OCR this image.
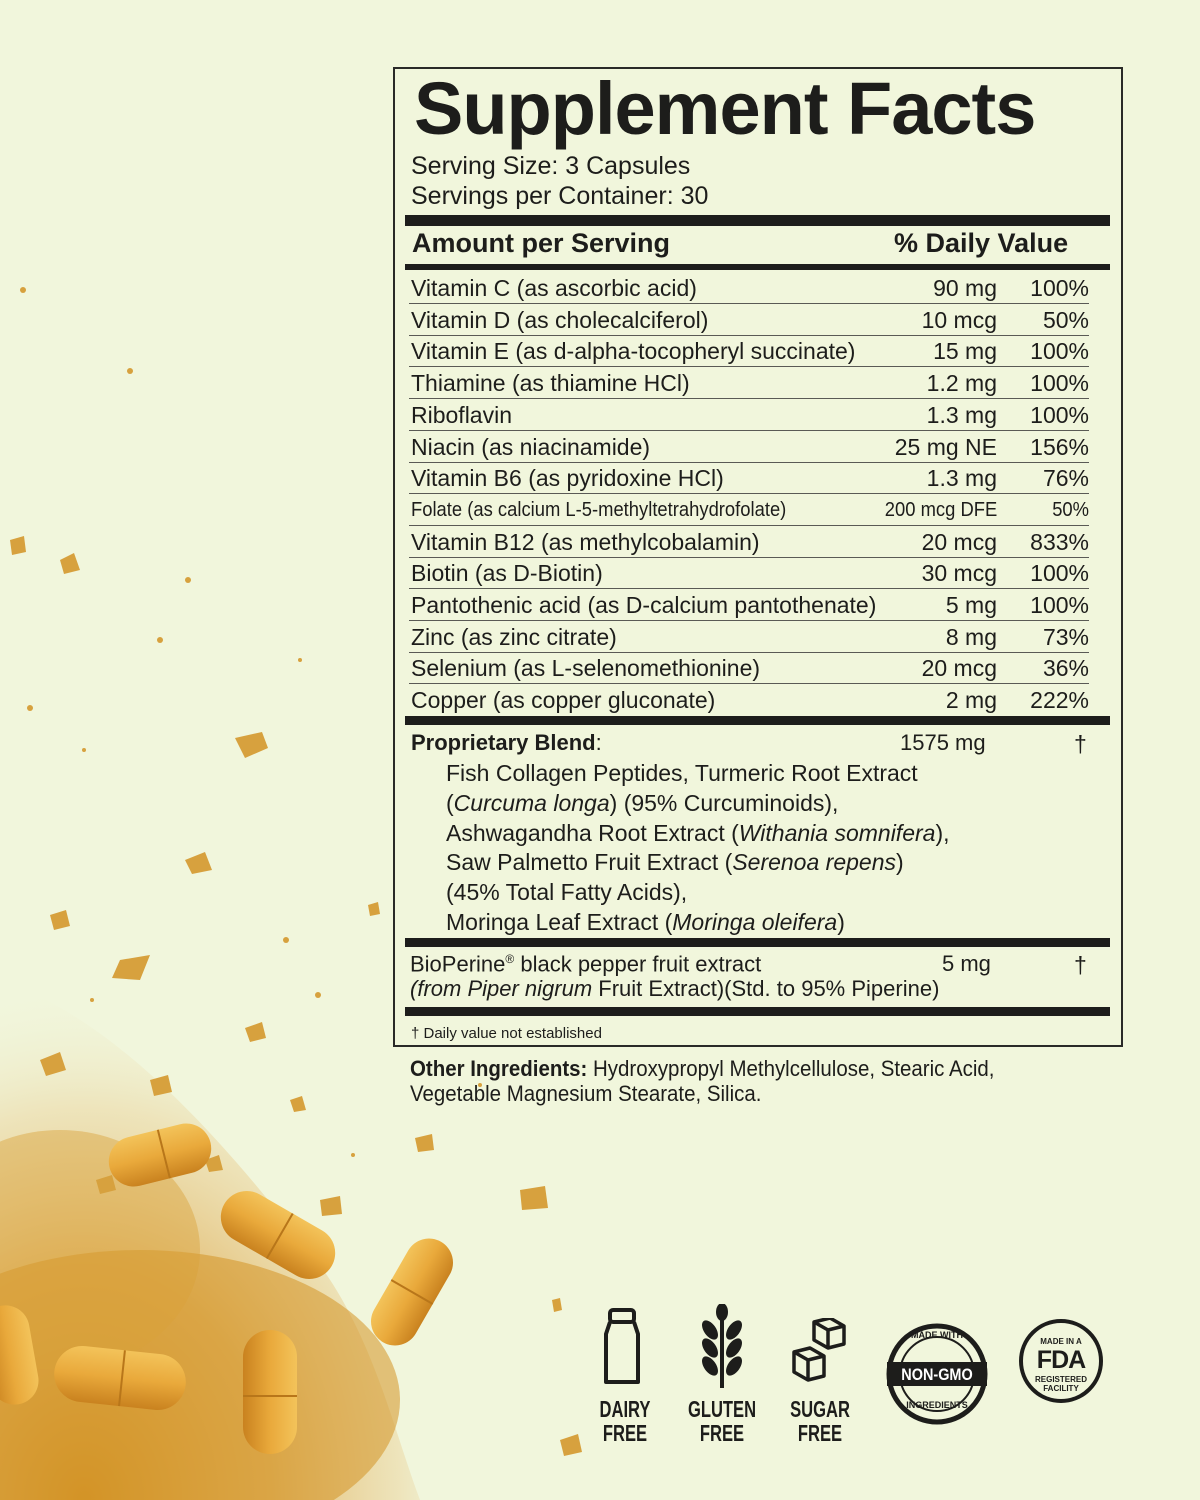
Supplement Facts
Serving Size: 3 Capsules
Servings per Container: 30
Amount per Serving	% Daily Value
Vitamin C (as ascorbic acid)	90 mg 100%
Vitamin D (as cholecalciferol)	10 mcg 50%
Vitamin E (as d-alpha-tocopheryl succinate)	15 mg 100%
Thiamine (as thiamine HCl)	1.2 mg 100%
Riboflavin	1.3 mg 100%
Niacin (as niacinamide)	25 mg NE 156%
Vitamin B6 (as pyridoxine HCl)	1.3 mg 76%
Folate (as calcium L-5-methyltetrahydrofolate)	200 mcg DFE	50%
Vitamin B12 (as methylcobalamin)	20 mcg 833%
Biotin (as D-Biotin)	30 mcg 100%
Pantothenic acid (as D-calcium pantothenate)	5 mg 100%
Zinc (as zinc citrate)	8 mg 73%
Selenium (as L-selenomethionine)	20 mcg 36%
Copper (as copper gluconate)	2 mg 222%
Proprietary Blend:	1575 mg	†
Fish Collagen Peptides, Turmeric Root Extract
(Curcuma longa) (95% Curcuminoids),
Ashwagandha Root Extract (Withania somnifera),
Saw Palmetto Fruit Extract (Serenoa repens)
(45% Total Fatty Acids),
Moringa Leaf Extract (Moringa oleifera)
BioPerine® black pepper fruit extract	5 mg	†
(from Piper nigrum Fruit Extract)(Std. to 95% Piperine)
† Daily value not established
Other Ingredients: Hydroxypropyl Methylcellulose, Stearic Acid,
Vegetable Magnesium Stearate, Silica.
DAIRY
FREE
GLUTEN
FREE
SUGAR
FREE
MADE WITH
NON-GMO
INGREDIENTS
MADE IN A
FDA
REGISTERED
FACILITY
